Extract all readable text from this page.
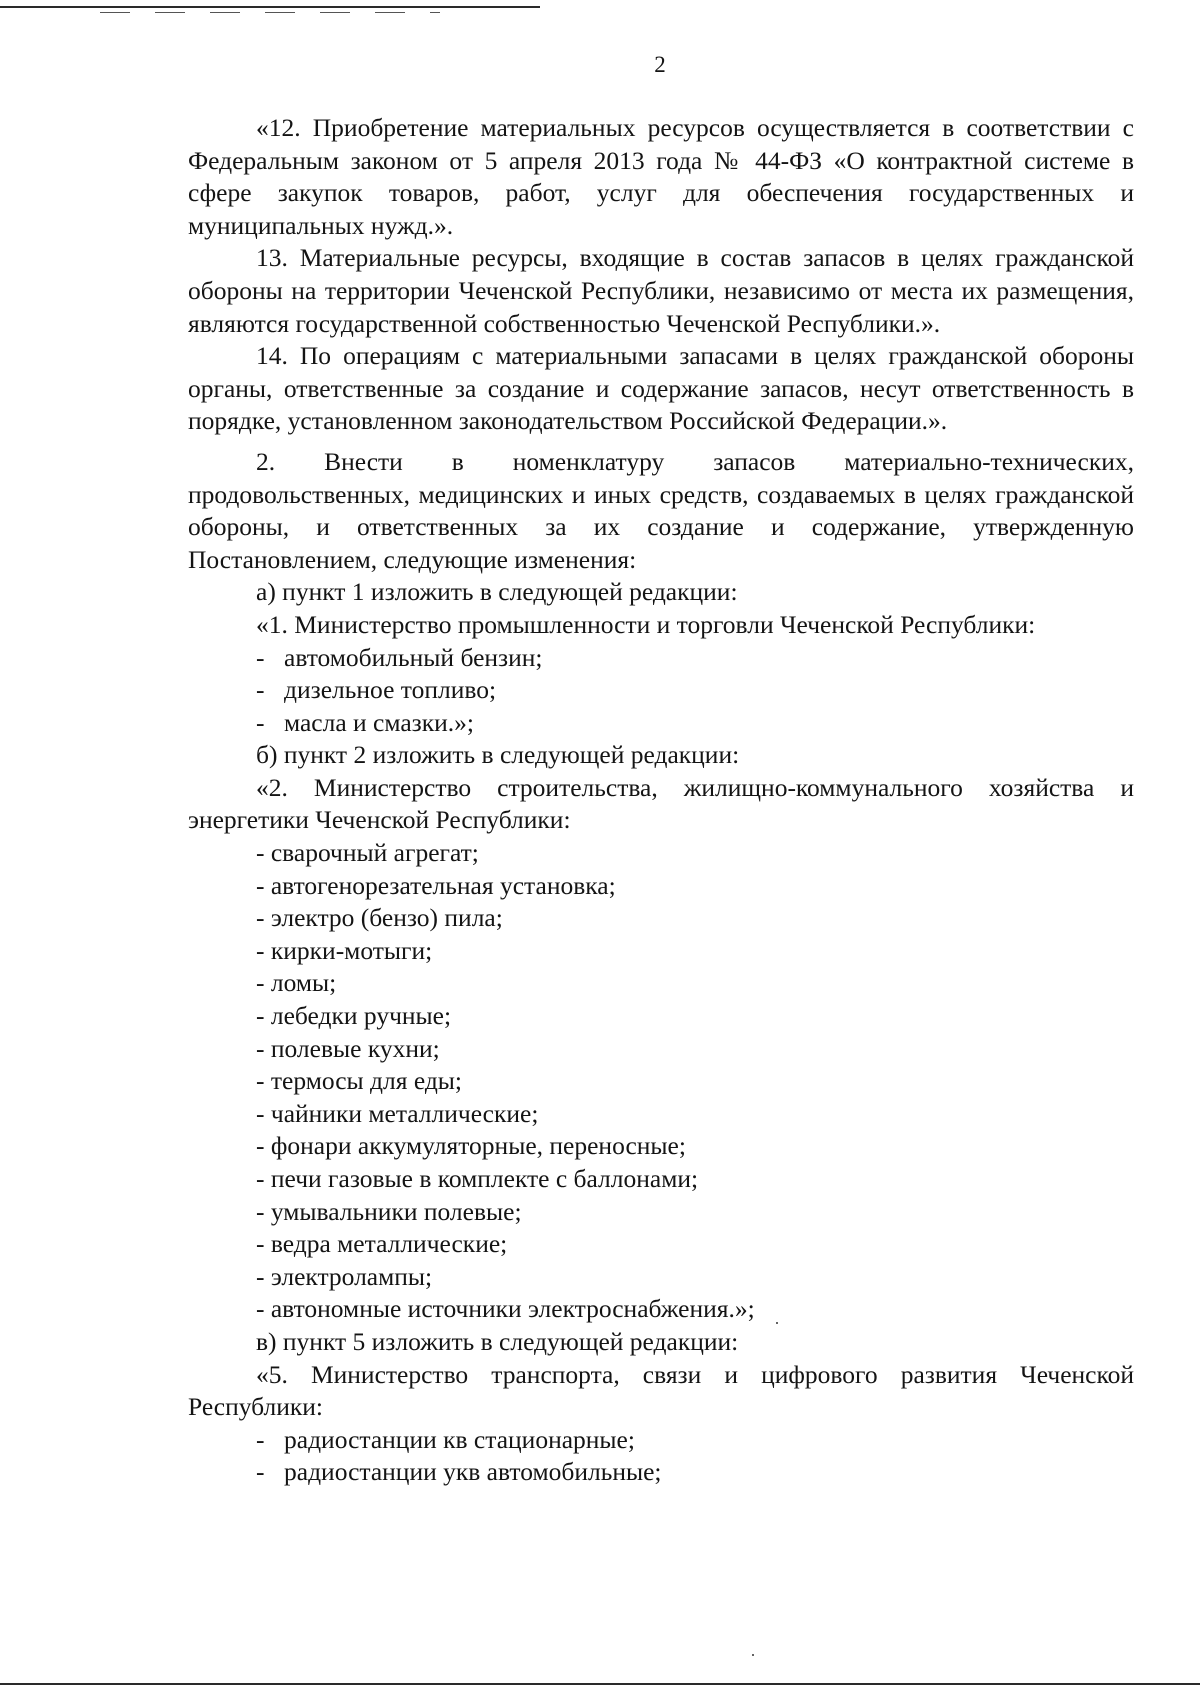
2

«12. Приобретение материальных ресурсов осуществляется в соответствии с Федеральным законом от 5 апреля 2013 года № 44-ФЗ «О контрактной системе в сфере закупок товаров, работ, услуг для обеспечения государственных и муниципальных нужд.».

13. Материальные ресурсы, входящие в состав запасов в целях гражданской обороны на территории Чеченской Республики, независимо от места их размещения, являются государственной собственностью Чеченской Республики.».

14. По операциям с материальными запасами в целях гражданской обороны органы, ответственные за создание и содержание запасов, несут ответственность в порядке, установленном законодательством Российской Федерации.».

2. Внести в номенклатуру запасов материально-технических, продовольственных, медицинских и иных средств, создаваемых в целях гражданской обороны, и ответственных за их создание и содержание, утвержденную Постановлением, следующие изменения:

а) пункт 1 изложить в следующей редакции:

«1. Министерство промышленности и торговли Чеченской Республики:

- автомобильный бензин;

- дизельное топливо;

- масла и смазки.»;

б) пункт 2 изложить в следующей редакции:

«2. Министерство строительства, жилищно-коммунального хозяйства и энергетики Чеченской Республики:

- сварочный агрегат;

- автогенорезательная установка;

- электро (бензо) пила;

- кирки-мотыги;

- ломы;

- лебедки ручные;

- полевые кухни;

- термосы для еды;

- чайники металлические;

- фонари аккумуляторные, переносные;

- печи газовые в комплекте с баллонами;

- умывальники полевые;

- ведра металлические;

- электролампы;

- автономные источники электроснабжения.»;

в) пункт 5 изложить в следующей редакции:

«5. Министерство транспорта, связи и цифрового развития Чеченской Республики:

- радиостанции кв стационарные;

- радиостанции укв автомобильные;
